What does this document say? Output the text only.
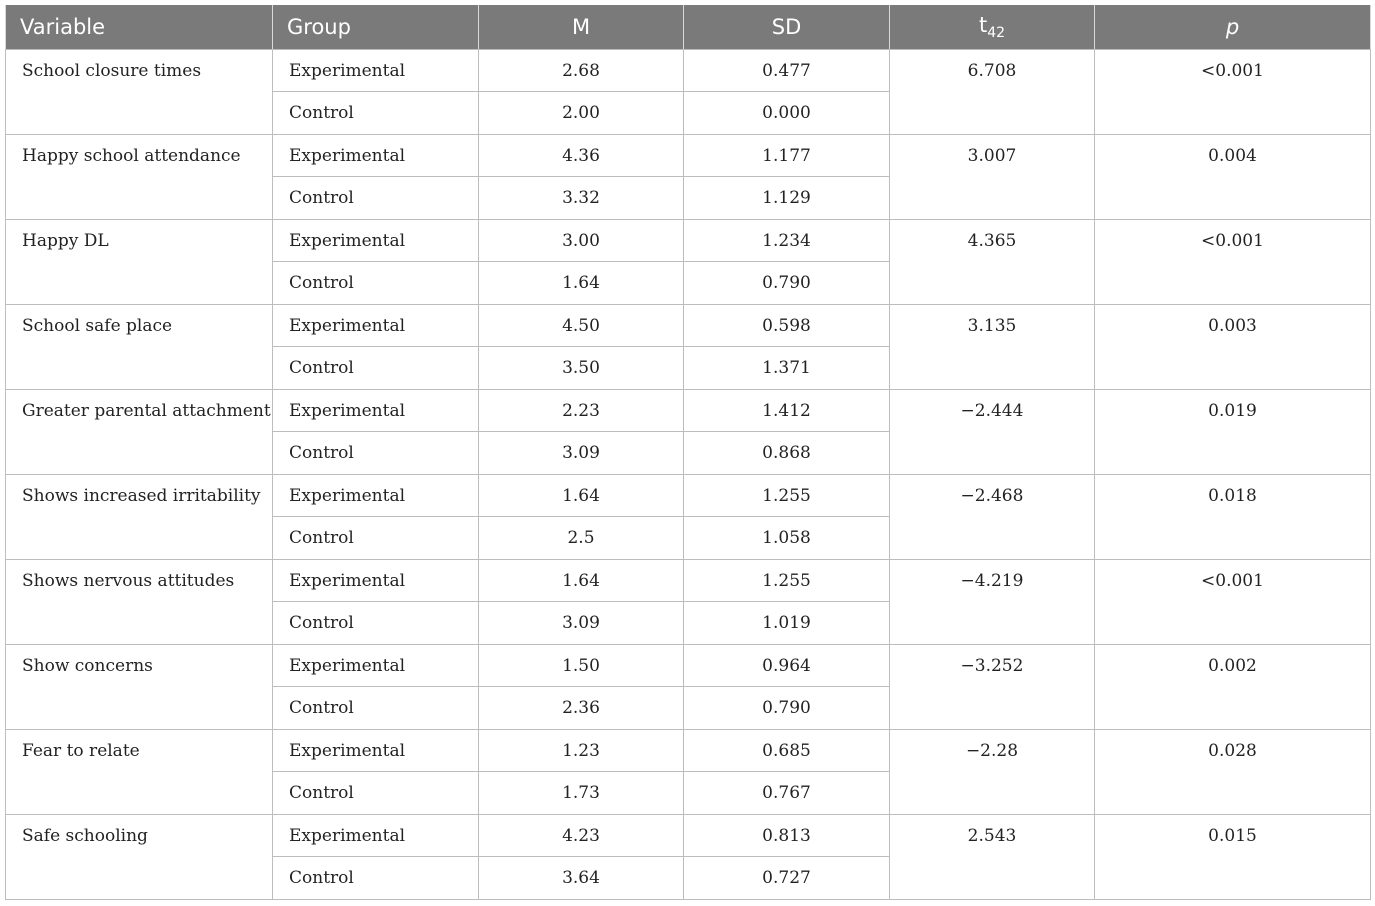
Variable	Group	M	SD	$t_{42}$	p
School closure times	Experimental	2.68	0.477	6.708	<0.001
	Control	2.00	0.000		
Happy school attendance	Experimental	4.36	1.177	3.007	0.004
	Control	3.32	1.129		
Happy DL	Experimental	3.00	1.234	4.365	<0.001
	Control	1.64	0.790		
School safe place	Experimental	4.50	0.598	3.135	0.003
	Control	3.50	1.371		
Greater parental attachment	Experimental	2.23	1.412	−2.444	0.019
	Control	3.09	0.868		
Shows increased irritability	Experimental	1.64	1.255	−2.468	0.018
	Control	2.5	1.058		
Shows nervous attitudes	Experimental	1.64	1.255	−4.219	<0.001
	Control	3.09	1.019		
Show concerns	Experimental	1.50	0.964	−3.252	0.002
	Control	2.36	0.790		
Fear to relate	Experimental	1.23	0.685	−2.28	0.028
	Control	1.73	0.767		
Safe schooling	Experimental	4.23	0.813	2.543	0.015
	Control	3.64	0.727		
